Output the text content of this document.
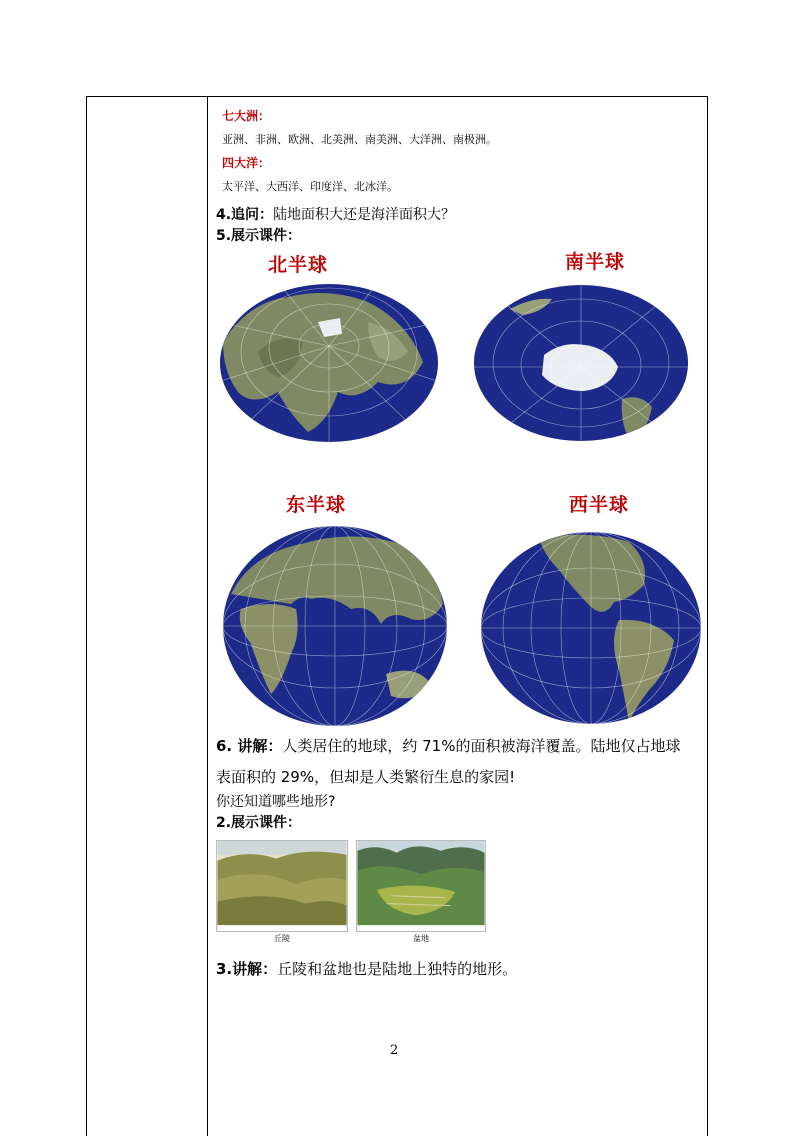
七大洲：
亚洲、非洲、欧洲、北美洲、南美洲、大洋洲、南极洲。
四大洋：
太平洋、大西洋、印度洋、北冰洋。
4.追问：陆地面积大还是海洋面积大？
5.展示课件：
北半球	南半球
东半球	西半球
6. 讲解：人类居住的地球，约 71%的面积被海洋覆盖。陆地仅占地球
表面积的 29%，但却是人类繁衍生息的家园!
你还知道哪些地形?
2.展示课件：
丘陵	盆地
3.讲解：丘陵和盆地也是陆地上独特的地形。
2
